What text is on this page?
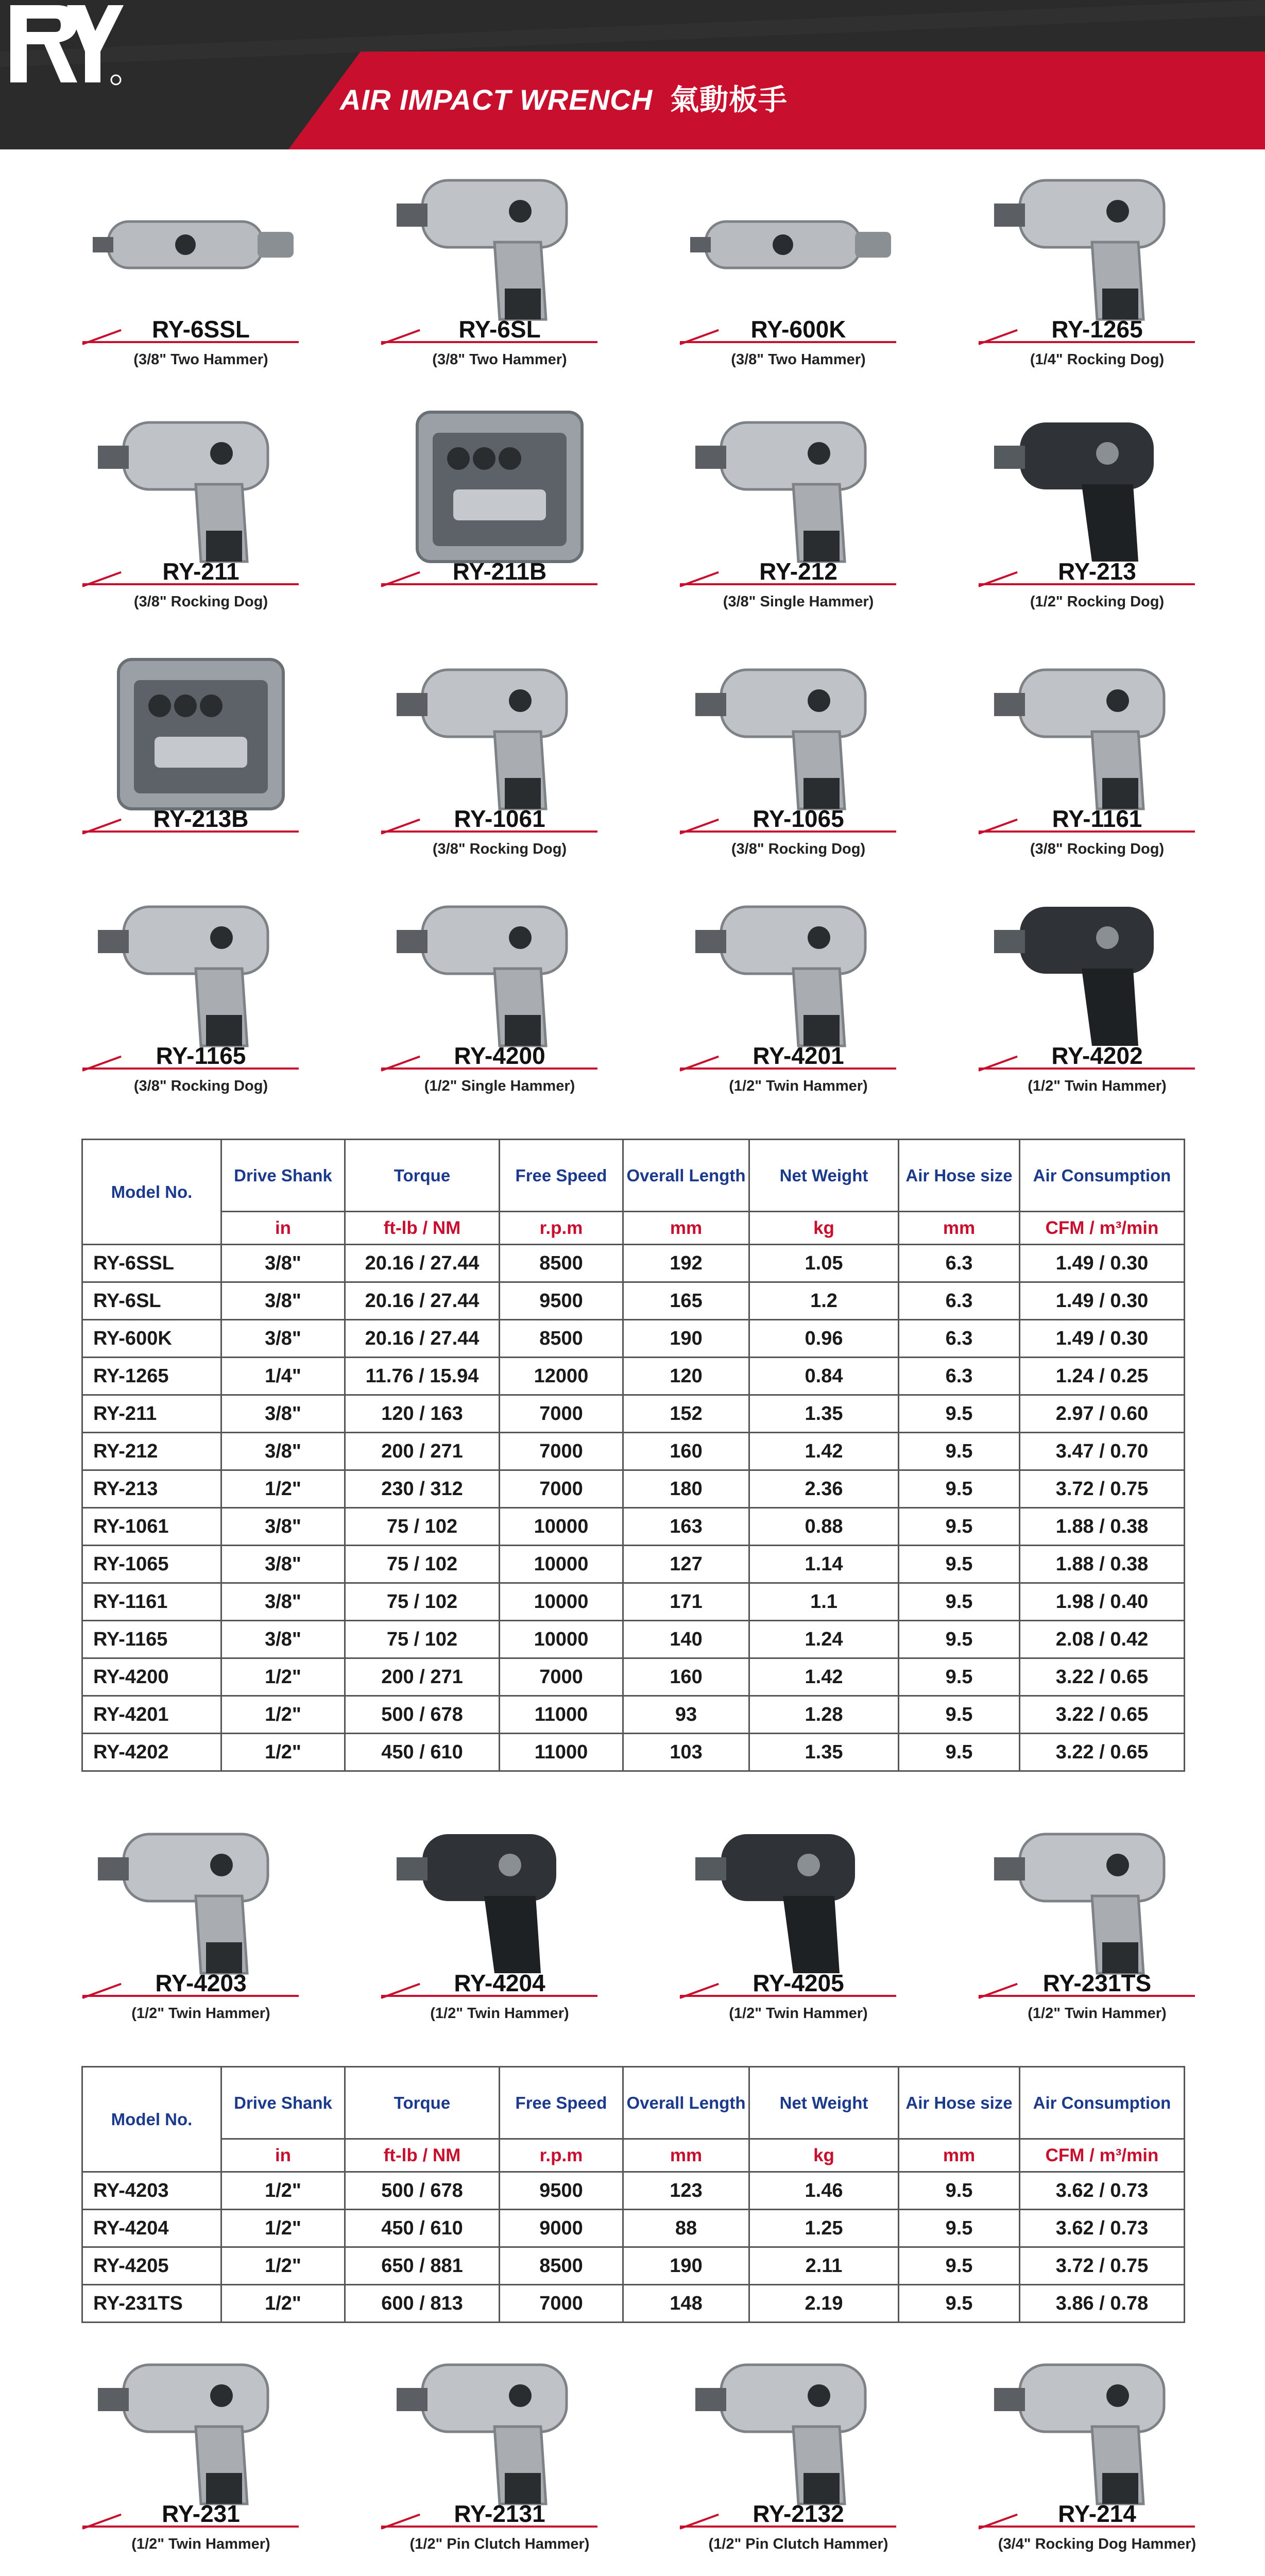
AIR IMPACT WRENCH 氣動板手
RY-6SSL
(3/8" Two Hammer)
RY-6SL
(3/8" Two Hammer)
RY-600K
(3/8" Two Hammer)
RY-1265
(1/4" Rocking Dog)
RY-211
(3/8" Rocking Dog)
RY-211B	RY-212
(3/8" Single Hammer)
RY-213
(1/2" Rocking Dog)
RY-213B	RY-1061
(3/8" Rocking Dog)
RY-1065
(3/8" Rocking Dog)
RY-1161
(3/8" Rocking Dog)
RY-1165
(3/8" Rocking Dog)
RY-4200
(1/2" Single Hammer)
RY-4201
(1/2" Twin Hammer)
RY-4202
(1/2" Twin Hammer)
Model No.	Drive Shank	Torque	Free Speed	Overall Length	Net Weight	Air Hose size	Air Consumption
	in	ft-lb / NM	r.p.m	mm	kg	mm	CFM / m³/min
RY-6SSL	3/8"	20.16 / 27.44	8500	192	1.05	6.3	1.49 / 0.30
RY-6SL	3/8"	20.16 / 27.44	9500	165	1.2	6.3	1.49 / 0.30
RY-600K	3/8"	20.16 / 27.44	8500	190	0.96	6.3	1.49 / 0.30
RY-1265	1/4"	11.76 / 15.94	12000	120	0.84	6.3	1.24 / 0.25
RY-211	3/8"	120 / 163	7000	152	1.35	9.5	2.97 / 0.60
RY-212	3/8"	200 / 271	7000	160	1.42	9.5	3.47 / 0.70
RY-213	1/2"	230 / 312	7000	180	2.36	9.5	3.72 / 0.75
RY-1061	3/8"	75 / 102	10000	163	0.88	9.5	1.88 / 0.38
RY-1065	3/8"	75 / 102	10000	127	1.14	9.5	1.88 / 0.38
RY-1161	3/8"	75 / 102	10000	171	1.1	9.5	1.98 / 0.40
RY-1165	3/8"	75 / 102	10000	140	1.24	9.5	2.08 / 0.42
RY-4200	1/2"	200 / 271	7000	160	1.42	9.5	3.22 / 0.65
RY-4201	1/2"	500 / 678	11000	93	1.28	9.5	3.22 / 0.65
RY-4202	1/2"	450 / 610	11000	103	1.35	9.5	3.22 / 0.65
RY-4203
(1/2" Twin Hammer)
RY-4204
(1/2" Twin Hammer)
RY-4205
(1/2" Twin Hammer)
RY-231TS
(1/2" Twin Hammer)
Model No.	Drive Shank	Torque	Free Speed	Overall Length	Net Weight	Air Hose size	Air Consumption
	in	ft-lb / NM	r.p.m	mm	kg	mm	CFM / m³/min
RY-4203	1/2"	500 / 678	9500	123	1.46	9.5	3.62 / 0.73
RY-4204	1/2"	450 / 610	9000	88	1.25	9.5	3.62 / 0.73
RY-4205	1/2"	650 / 881	8500	190	2.11	9.5	3.72 / 0.75
RY-231TS	1/2"	600 / 813	7000	148	2.19	9.5	3.86 / 0.78
RY-231
(1/2" Twin Hammer)
RY-2131
(1/2" Pin Clutch Hammer)
RY-2132
(1/2" Pin Clutch Hammer)
RY-214
(3/4" Rocking Dog Hammer)
